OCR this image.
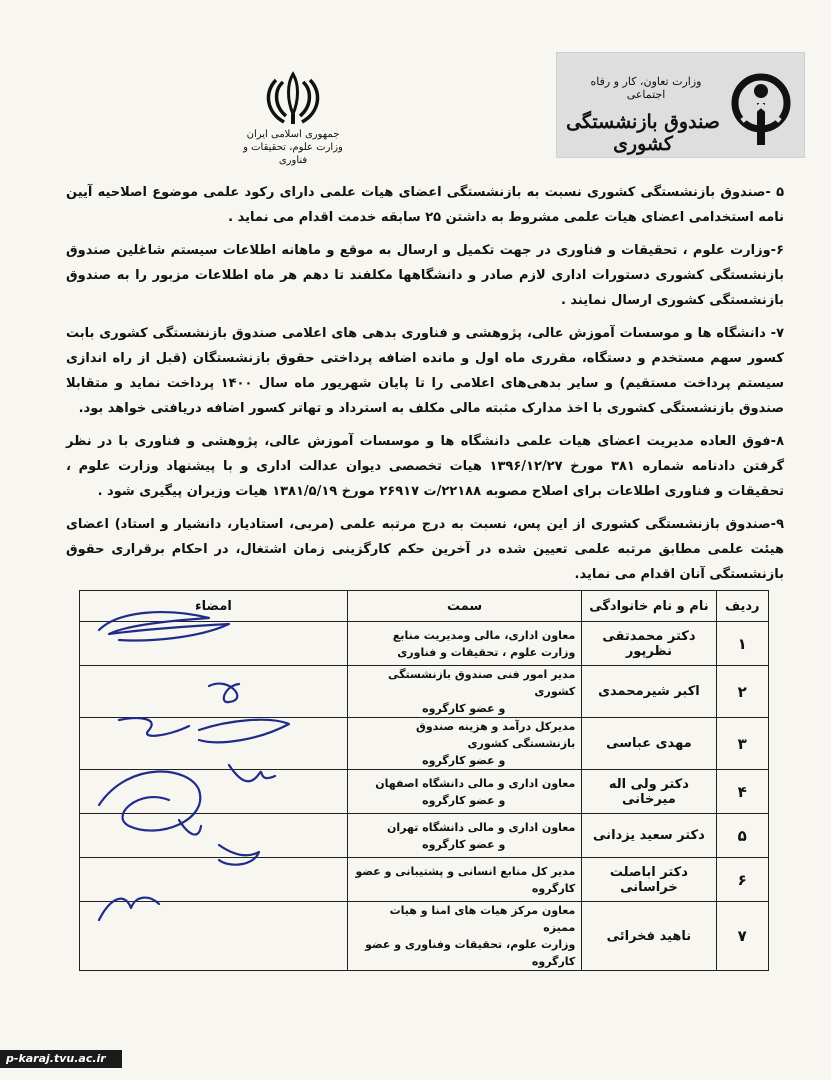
جمهوری اسلامی ایران
وزارت علوم، تحقیقات و فناوری
وزارت تعاون، کار و رفاه اجتماعی
صندوق بازنشستگی کشوری

۵ -صندوق بازنشستگی کشوری نسبت به بازنشستگی اعضای هیات علمی دارای رکود علمی موضوع اصلاحیه آیین نامه استخدامی اعضای هیات علمی مشروط به داشتن ۲۵ سابقه خدمت اقدام می نماید .

۶-وزارت علوم ، تحقیقات و فناوری در جهت تکمیل و ارسال به موقع و ماهانه اطلاعات سیستم شاغلین صندوق بازنشستگی کشوری دستورات اداری لازم صادر و دانشگاهها مکلفند تا دهم هر ماه اطلاعات مزبور را به صندوق بازنشستگی کشوری ارسال نمایند .

۷- دانشگاه ها و موسسات آموزش عالی، پژوهشی و فناوری بدهی های اعلامی صندوق بازنشستگی کشوری بابت کسور سهم مستخدم و دستگاه، مقرری ماه اول و مانده اضافه پرداختی حقوق بازنشستگان (قبل از راه اندازی سیستم پرداخت مستقیم) و سایر بدهی‌های اعلامی را تا پایان شهریور ماه سال ۱۴۰۰ پرداخت نماید و متقابلا صندوق بازنشستگی کشوری با اخذ مدارک مثبته مالی مکلف به استرداد و تهاتر کسور اضافه دریافتی خواهد بود.

۸-فوق العاده مدیریت اعضای هیات علمی دانشگاه ها و موسسات آموزش عالی، پژوهشی و فناوری با در نظر گرفتن دادنامه شماره ۳۸۱ مورخ ۱۳۹۶/۱۲/۲۷ هیات تخصصی دیوان عدالت اداری و با پیشنهاد وزارت علوم ، تحقیقات و فناوری اطلاعات برای اصلاح مصوبه ۲۲۱۸۸/ت ۲۶۹۱۷ مورخ ۱۳۸۱/۵/۱۹ هیات وزیران پیگیری شود .

۹-صندوق بازنشستگی کشوری از این پس، نسبت به درج مرتبه علمی (مربی، استادیار، دانشیار و استاد) اعضای هیئت علمی مطابق مرتبه علمی تعیین شده در آخرین حکم کارگزینی زمان اشتغال، در احکام برقراری حقوق بازنشستگی آنان اقدام می نماید.

ردیف	نام و نام خانوادگی	سمت	امضاء
۱	دکتر محمدتقی نظرپور	معاون اداری، مالی ومدیریت منابع
وزارت علوم ، تحقیقات و فناوری	

۲	اکبر شیرمحمدی	مدیر امور فنی صندوق بازنشستگی کشوری
و عضو کارگروه	

۳	مهدی عباسی	مدیرکل درآمد و هزینه صندوق بازنشستگی کشوری
و عضو کارگروه	

۴	دکتر ولی اله میرخانی	معاون اداری و مالی دانشگاه اصفهان
و عضو کارگروه	

۵	دکتر سعید یزدانی	معاون اداری و مالی دانشگاه تهران
و عضو کارگروه	

۶	دکتر اباصلت خراسانی	مدیر کل منابع انسانی و پشتیبانی و عضو کارگروه	

۷	ناهید فخرائی	معاون مرکز هیات های امنا و هیات ممیزه
وزارت علوم، تحقیقات وفناوری و عضو کارگروه	

p-karaj.tvu.ac.ir
